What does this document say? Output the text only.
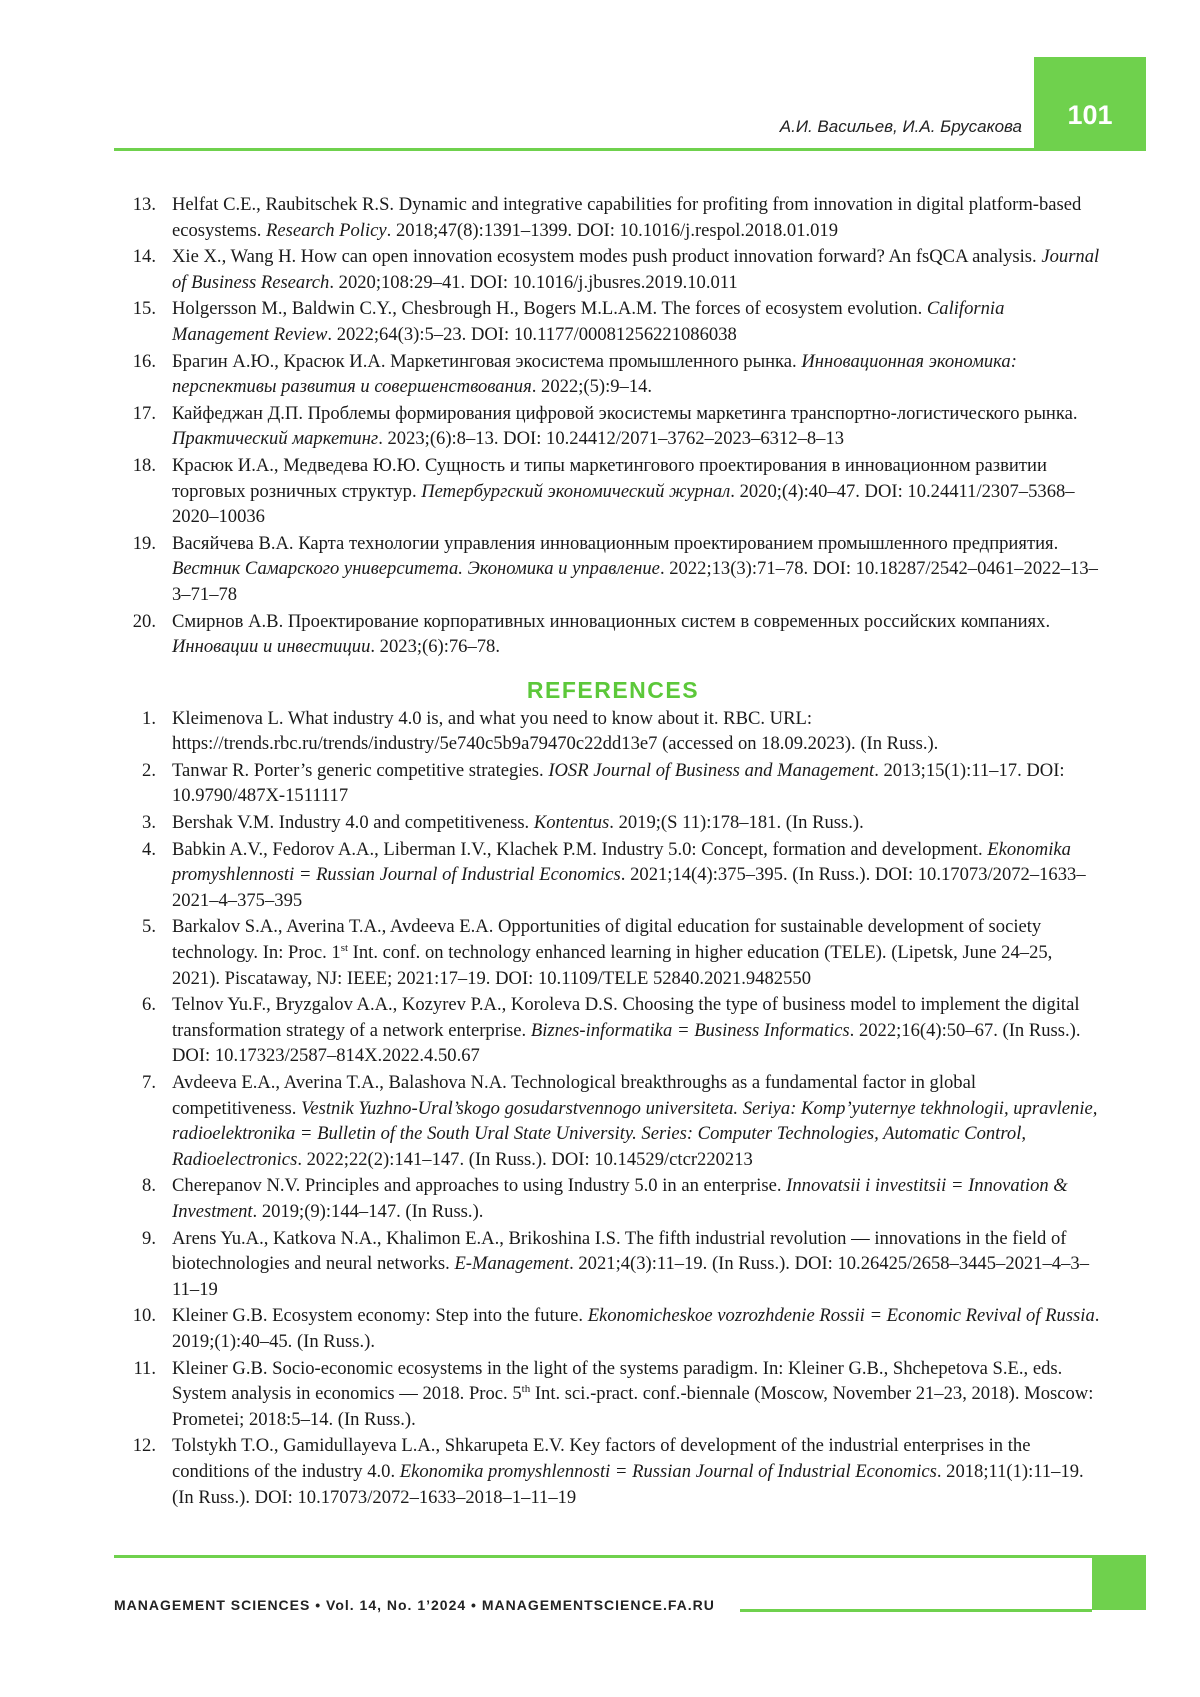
101
А.И. Васильев, И.А. Брусакова
13 . Helfat C.E., Raubitschek R.S. Dynamic and integrative capabilities for profiting from innovation in digital platform-based ecosystems. Research Policy. 2018;47(8):1391–1399. DOI: 10.1016/j.respol.2018.01.019
14 . Xie X., Wang H. How can open innovation ecosystem modes push product innovation forward? An fsQCA analysis. Journal of Business Research. 2020;108:29–41. DOI: 10.1016/j.jbusres.2019.10.011
15 . Holgersson M., Baldwin C.Y., Chesbrough H., Bogers M.L.A.M. The forces of ecosystem evolution. California Management Review. 2022;64(3):5–23. DOI: 10.1177/00081256221086038
16 . Брагин А.Ю., Красюк И.А. Маркетинговая экосистема промышленного рынка. Инновационная экономика: перспективы развития и совершенствования. 2022;(5):9–14.
17 . Кайфеджан Д.П. Проблемы формирования цифровой экосистемы маркетинга транспортно-логистического рынка. Практический маркетинг. 2023;(6):8–13. DOI: 10.24412/2071–3762–2023–6312–8–13
18 . Красюк И.А., Медведева Ю.Ю. Сущность и типы маркетингового проектирования в инновационном развитии торговых розничных структур. Петербургский экономический журнал. 2020;(4):40–47. DOI: 10.24411/2307–5368–2020–10036
19 . Васяйчева В.А. Карта технологии управления инновационным проектированием промышленного предприятия. Вестник Самарского университета. Экономика и управление. 2022;13(3):71–78. DOI: 10.18287/2542–0461–2022–13–3–71–78
20 . Смирнов А.В. Проектирование корпоративных инновационных систем в современных российских компаниях. Инновации и инвестиции. 2023;(6):76–78.
REFERENCES
1 . Kleimenova L. What industry 4.0 is, and what you need to know about it. RBC. URL: https://trends.rbc.ru/trends/industry/5e740c5b9a79470c22dd13e7 (accessed on 18.09.2023). (In Russ.).
2 . Tanwar R. Porter’s generic competitive strategies. IOSR Journal of Business and Management. 2013;15(1):11–17. DOI: 10.9790/487X-1511117
3 . Bershak V.M. Industry 4.0 and competitiveness. Kontentus. 2019;(S 11):178–181. (In Russ.).
4 . Babkin A.V., Fedorov A.A., Liberman I.V., Klachek P.M. Industry 5.0: Concept, formation and development. Ekonomika promyshlennosti = Russian Journal of Industrial Economics. 2021;14(4):375–395. (In Russ.). DOI: 10.17073/2072–1633–2021–4–375–395
5 . Barkalov S.A., Averina T.A., Avdeeva E.A. Opportunities of digital education for sustainable development of society technology. In: Proc. 1st Int. conf. on technology enhanced learning in higher education (TELE). (Lipetsk, June 24–25, 2021). Piscataway, NJ: IEEE; 2021:17–19. DOI: 10.1109/TELE 52840.2021.9482550
6 . Telnov Yu.F., Bryzgalov A.A., Kozyrev P.A., Koroleva D.S. Choosing the type of business model to implement the digital transformation strategy of a network enterprise. Biznes-informatika = Business Informatics. 2022;16(4):50–67. (In Russ.). DOI: 10.17323/2587–814X.2022.4.50.67
7 . Avdeeva E.A., Averina T.A., Balashova N.A. Technological breakthroughs as a fundamental factor in global competitiveness. Vestnik Yuzhno-Ural’skogo gosudarstvennogo universiteta. Seriya: Komp’yuternye tekhnologii, upravlenie, radioelektronika = Bulletin of the South Ural State University. Series: Computer Technologies, Automatic Control, Radioelectronics. 2022;22(2):141–147. (In Russ.). DOI: 10.14529/ctcr220213
8 . Cherepanov N.V. Principles and approaches to using Industry 5.0 in an enterprise. Innovatsii i investitsii = Innovation & Investment. 2019;(9):144–147. (In Russ.).
9 . Arens Yu.A., Katkova N.A., Khalimon E.A., Brikoshina I.S. The fifth industrial revolution — innovations in the field of biotechnologies and neural networks. E-Management. 2021;4(3):11–19. (In Russ.). DOI: 10.26425/2658–3445–2021–4–3–11–19
10 . Kleiner G.B. Ecosystem economy: Step into the future. Ekonomicheskoe vozrozhdenie Rossii = Economic Revival of Russia. 2019;(1):40–45. (In Russ.).
11 . Kleiner G.B. Socio-economic ecosystems in the light of the systems paradigm. In: Kleiner G.B., Shchepetova S.E., eds. System analysis in economics — 2018. Proc. 5th Int. sci.-pract. conf.-biennale (Moscow, November 21–23, 2018). Moscow: Prometei; 2018:5–14. (In Russ.).
12 . Tolstykh T.O., Gamidullayeva L.A., Shkarupeta E.V. Key factors of development of the industrial enterprises in the conditions of the industry 4.0. Ekonomika promyshlennosti = Russian Journal of Industrial Economics. 2018;11(1):11–19. (In Russ.). DOI: 10.17073/2072–1633–2018–1–11–19
MANAGEMENT SCIENCES • Vol. 14, No. 1’2024 • MANAGEMENTSCIENCE.FA.RU
